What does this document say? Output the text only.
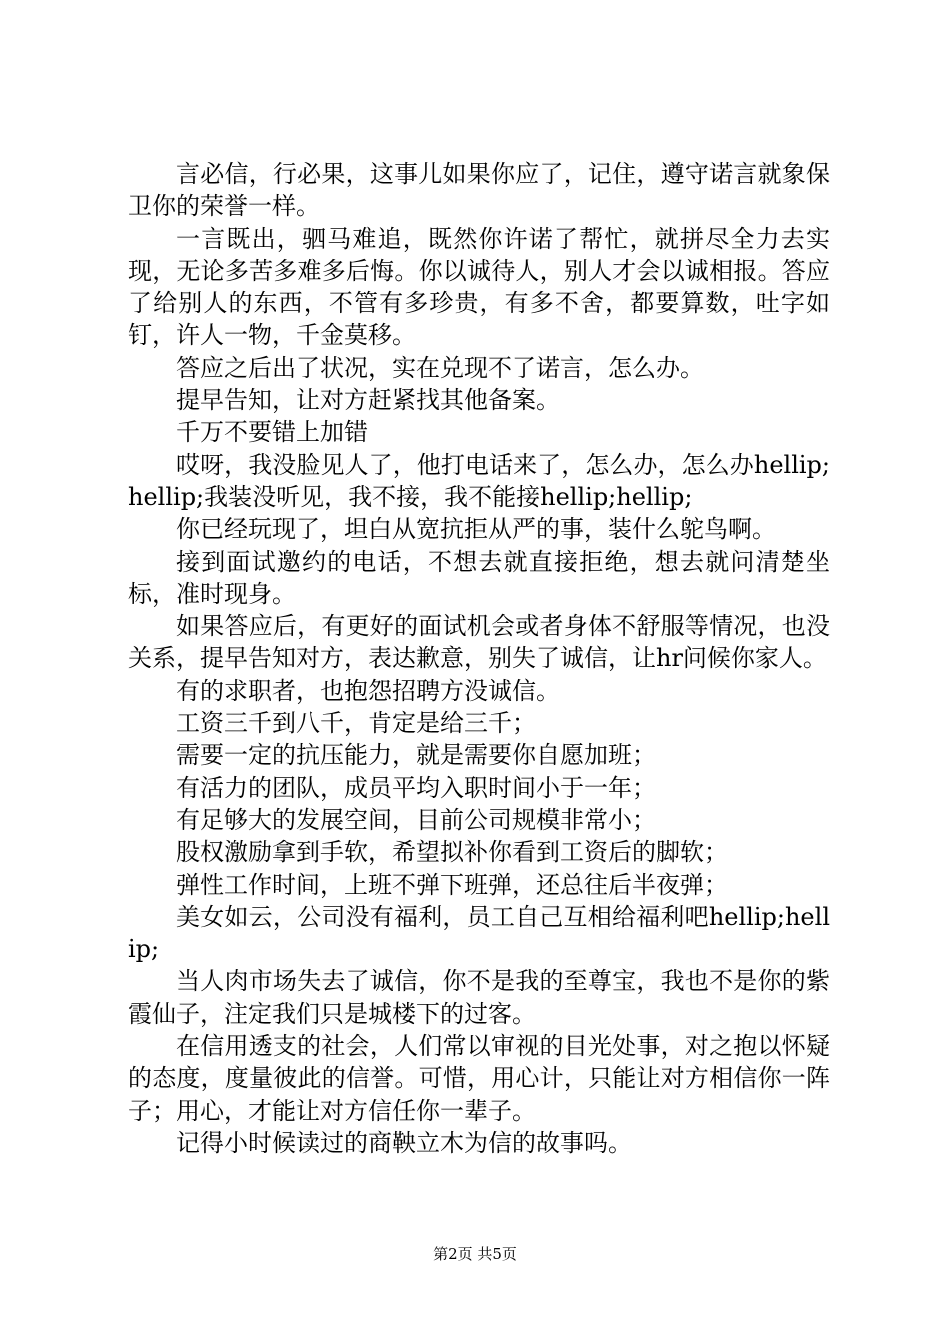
言必信，行必果，这事儿如果你应了，记住，遵守诺言就象保卫你的荣誉一样。

一言既出，驷马难追，既然你许诺了帮忙，就拼尽全力去实现，无论多苦多难多后悔。你以诚待人，别人才会以诚相报。答应了给别人的东西，不管有多珍贵，有多不舍，都要算数，吐字如钉，许人一物，千金莫移。

答应之后出了状况，实在兑现不了诺言，怎么办。

提早告知，让对方赶紧找其他备案。

千万不要错上加错

哎呀，我没脸见人了，他打电话来了，怎么办，怎么办hellip;hellip;我装没听见，我不接，我不能接hellip;hellip;

你已经玩现了，坦白从宽抗拒从严的事，装什么鸵鸟啊。

接到面试邀约的电话，不想去就直接拒绝，想去就问清楚坐标，准时现身。

如果答应后，有更好的面试机会或者身体不舒服等情况，也没关系，提早告知对方，表达歉意，别失了诚信，让hr问候你家人。

有的求职者，也抱怨招聘方没诚信。

工资三千到八千，肯定是给三千；

需要一定的抗压能力，就是需要你自愿加班；

有活力的团队，成员平均入职时间小于一年；

有足够大的发展空间，目前公司规模非常小；

股权激励拿到手软，希望拟补你看到工资后的脚软；

弹性工作时间，上班不弹下班弹，还总往后半夜弹；

美女如云，公司没有福利，员工自己互相给福利吧hellip;hellip;

当人肉市场失去了诚信，你不是我的至尊宝，我也不是你的紫霞仙子，注定我们只是城楼下的过客。

在信用透支的社会，人们常以审视的目光处事，对之抱以怀疑的态度，度量彼此的信誉。可惜，用心计，只能让对方相信你一阵子；用心，才能让对方信任你一辈子。

记得小时候读过的商鞅立木为信的故事吗。

第2页 共5页
